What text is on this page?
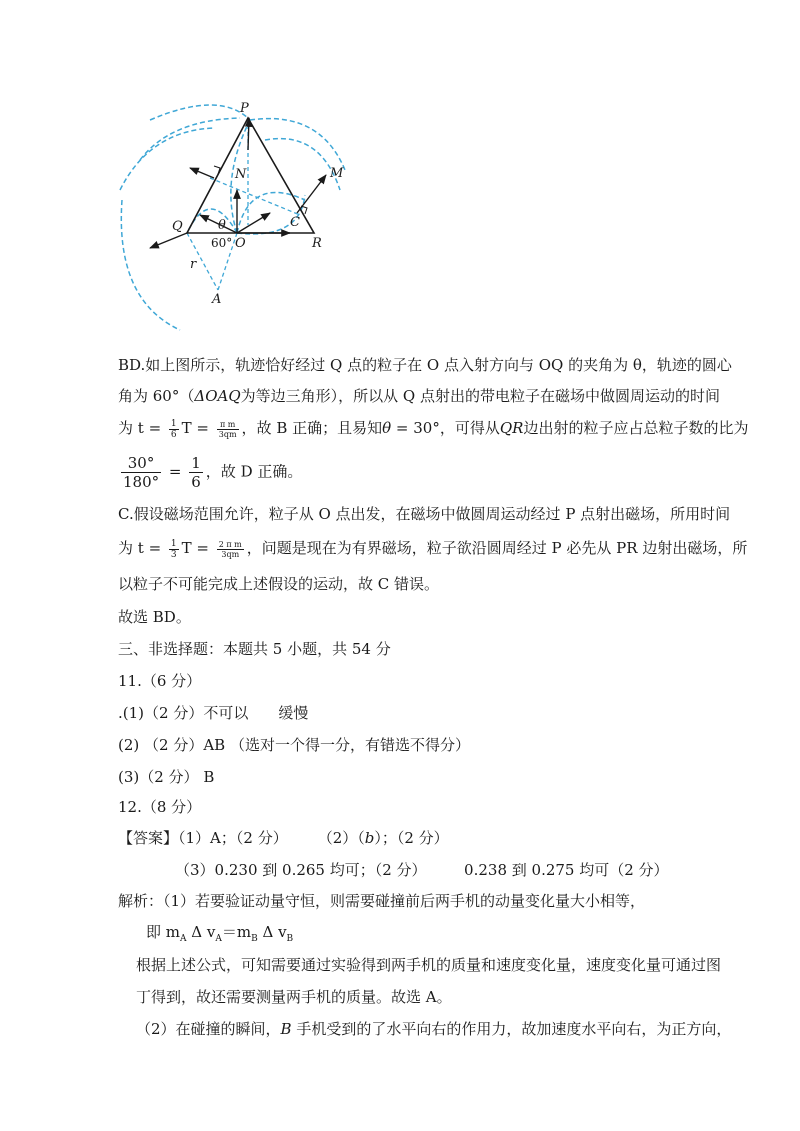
P
N	M
Q	θ
O
C
R
r
A
60°
BD.如上图所示，轨迹恰好经过 Q 点的粒子在 O 点入射方向与 OQ 的夹角为 θ，轨迹的圆心
角为 60°（ΔOAQ为等边三角形），所以从 Q 点射出的带电粒子在磁场中做圆周运动的时间
为 $t = \frac{1}{6}$ $T = \frac{\text{π m}}{3qm}$ ，故 B 正确；且易知θ = 30°，可得从QR边出射的粒子应占总粒子数的比为
$\frac{30^\circ}{180^\circ} = \frac{1}{6}$ ，故 D 正确。
C.假设磁场范围允许，粒子从 O 点出发，在磁场中做圆周运动经过 P 点射出磁场，所用时间
为 $t = \frac{1}{3}$ $T = \frac{\text{2 π m}}{3qm}$ ，问题是现在为有界磁场，粒子欲沿圆周经过 P 必先从 PR 边射出磁场，所
以粒子不可能完成上述假设的运动，故 C 错误。
故选 BD。
三、非选择题：本题共 5 小题，共 54 分
11.（6 分）
.(1)（2 分）不可以　　缓慢
(2) （2 分）AB （选对一个得一分，有错选不得分）
(3)（2 分） B
12.（8 分）
【答案】（1）A；（2 分）　　　（2）（b）；（2 分）
（3）0.230 到 0.265 均可；（2 分）　　　0.238 到 0.275 均可（2 分）
解析：（1）若要验证动量守恒，则需要碰撞前后两手机的动量变化量大小相等，
即 $m_A$ Δ $v_A=m_B$ Δ $v_B$
根据上述公式，可知需要通过实验得到两手机的质量和速度变化量，速度变化量可通过图
丁得到，故还需要测量两手机的质量。故选 A。
（2）在碰撞的瞬间，B 手机受到的了水平向右的作用力，故加速度水平向右，为正方向，
